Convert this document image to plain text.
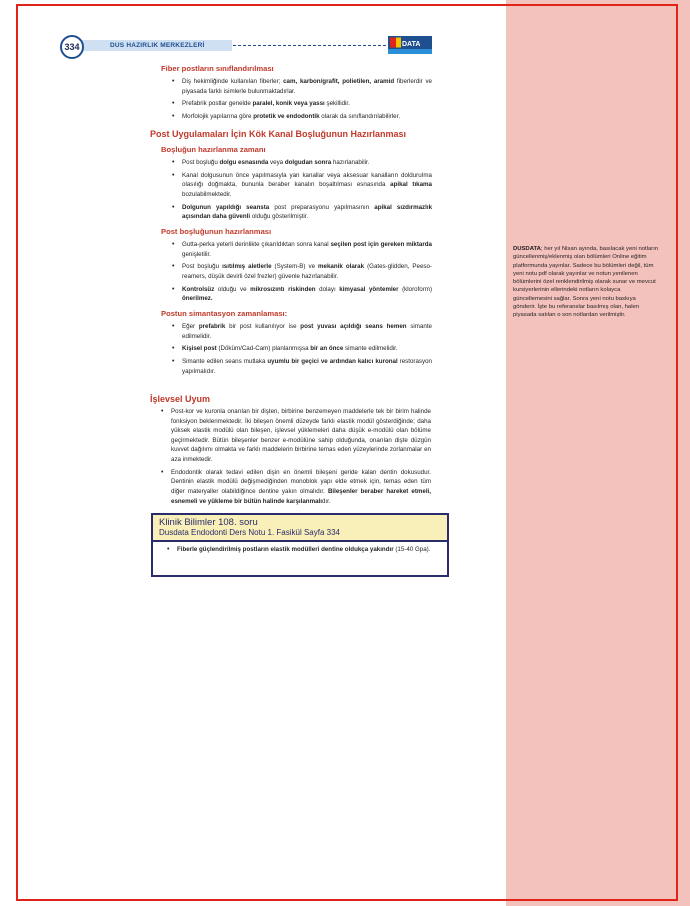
334	DUS HAZIRLIK MERKEZLERİ	DATA
Fiber postların sınıflandırılması
• Diş hekimliğinde kullanılan fiberler; cam, karbon/grafit, polietilen, aramid fiberlerdir ve piyasada farklı isimlerle bulunmaktadırlar.
• Prefabrik postlar genelde paralel, konik veya yassı şekillidir.
• Morfolojik yapılarına göre protetik ve endodontik olarak da sınıflandırılabilirler.
Post Uygulamaları İçin Kök Kanal Boşluğunun Hazırlanması
Boşluğun hazırlanma zamanı
• Post boşluğu dolgu esnasında veya dolgudan sonra hazırlanabilir.
• Kanal dolgusunun önce yapılmasıyla yan kanallar veya aksesuar kanalların dolduruIma olasılığı doğmakta, bununla beraber kanalın boşaltılması esnasında apikal tıkama bozulabilmektedir.
• Dolgunun yapıldığı seansta post preparasyonu yapılmasının apikal sızdırmazlık açısından daha güvenli olduğu gösterilmiştir.
Post boşluğunun hazırlanması
• Gutta-perka yeterli derinlikte çıkarıldıktan sonra kanal seçilen post için gereken miktarda genişletilir.
• Post boşluğu ısıtılmış aletlerle (System-B) ve mekanik olarak (Gates-glidden, Peeso-reamers, düşük devirli özel frezler) güvenle hazırlanabilir.
• Kontrolsüz olduğu ve mikrosızıntı riskinden dolayı kimyasal yöntemler (kloroform) önerilmez.
Postun simantasyon zamanlaması:
• Eğer prefabrik bir post kullanılıyor ise post yuvası açıldığı seans hemen simante edilmelidir.
• Kişisel post (Döküm/Cad-Cam) planlanmışsa bir an önce simante edilmelidir.
• Simante edilen seans mutlaka uyumlu bir geçici ve ardından kalıcı kuronal restorasyon yapılmalıdır.
İşlevsel Uyum
• Post-kor ve kuronla onarılan bir dişten, birbirine benzemeyen maddelerle tek bir birim halinde fonksiyon beklenmektedir. İki bileşen önemli düzeyde farklı elastik modül gösterdiğinde; daha yüksek elastik modülü olan bileşen, işlevsel yüklemeleri daha düşük e-modülü olan bölüme geçirmektedir. Bütün bileşenler benzer e-modülüne sahip olduğunda, onarılan dişte düzgün kuvvet dağılımı olmakta ve farklı maddelerin birbirine temas eden yüzeylerinde zorlanmalar en aza inmektedir.
• Endodontik olarak tedavi edilen dişin en önemli bileşeni geride kalan dentin dokusudur. Dentinin elastik modülü değişmediğinden monoblok yapı elde etmek için, temas eden tüm diğer materyaller olabildiğince dentine yakın olmalıdır. Bileşenler beraber hareket etmeli, esnemeli ve yükleme bir bütün halinde karşılanmalıdır.
Klinik Bilimler 108. soru
Dusdata Endodonti Ders Notu 1. Fasikül Sayfa 334
• Fiberle güçlendirilmiş postların elastik modülleri dentine oldukça yakındır (15-40 Gpa).
DUSDATA; her yıl Nisan ayında, basılacak yeni notların güncellenmiş/eklenmiş olan bölümleri Online eğitim platformunda yayınlar. Sadece bu bölümleri değil, tüm yeni notu pdf olarak yayınlar ve notun yenilenen bölümlerini özel renklendirilmiş olarak sunar ve mevcut kursiyerlerinin ellerindeki notların kolayca güncellemesini sağlar. Sonra yeni notu baskıya gönderir. İşte bu referanslar basılmış olan, halen piyasada satılan o son notlardan verilmiştir.
